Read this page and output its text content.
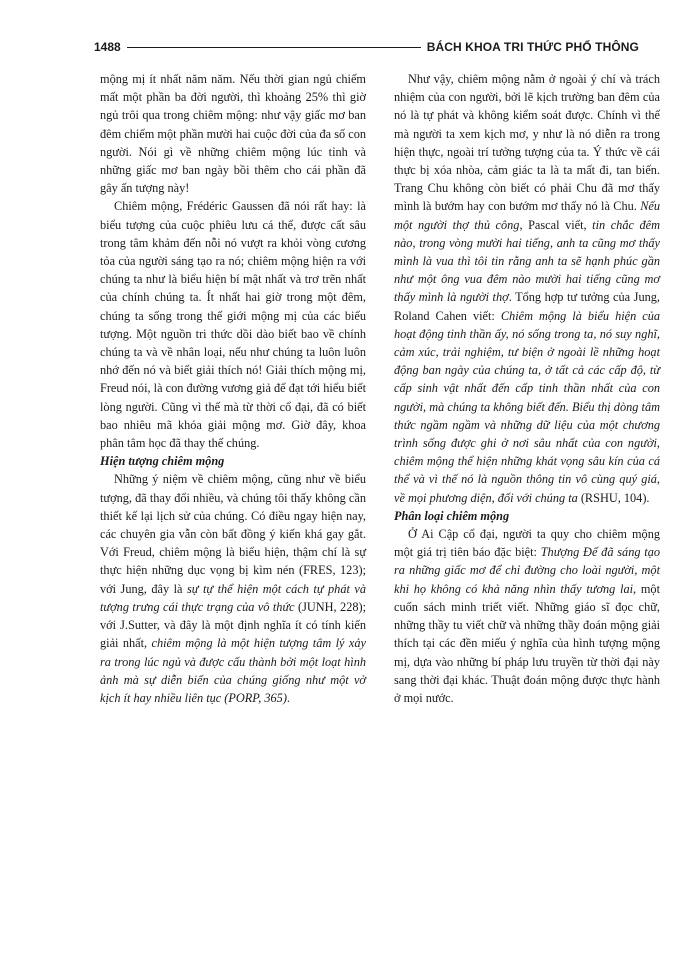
1488	BÁCH KHOA TRI THỨC PHỔ THÔNG

mộng mị ít nhất năm năm. Nếu thời gian ngủ chiếm mất một phần ba đời người, thì khoảng 25% thì giờ ngủ trôi qua trong chiêm mộng: như vậy giấc mơ ban đêm chiếm một phần mười hai cuộc đời của đa số con người. Nói gì về những chiêm mộng lúc tỉnh và những giấc mơ ban ngày bồi thêm cho cái phần đã gây ấn tượng này!

Chiêm mộng, Frédéric Gaussen đã nói rất hay: là biểu tượng của cuộc phiêu lưu cá thể, được cất sâu trong tâm khảm đến nỗi nó vượt ra khỏi vòng cương tỏa của người sáng tạo ra nó; chiêm mộng hiện ra với chúng ta như là biểu hiện bí mật nhất và trơ trẽn nhất của chính chúng ta. Ít nhất hai giờ trong một đêm, chúng ta sống trong thế giới mộng mị của các biểu tượng. Một nguồn tri thức dồi dào biết bao về chính chúng ta và về nhân loại, nếu như chúng ta luôn luôn nhớ đến nó và biết giải thích nó! Giải thích mộng mị, Freud nói, là con đường vương giả để đạt tới hiểu biết lòng người. Cũng vì thế mà từ thời cổ đại, đã có biết bao nhiêu mã khóa giải mộng mơ. Giờ đây, khoa phân tâm học đã thay thế chúng.

Hiện tượng chiêm mộng

Những ý niệm về chiêm mộng, cũng như về biểu tượng, đã thay đổi nhiều, và chúng tôi thấy không cần thiết kể lại lịch sử của chúng. Có điều ngay hiện nay, các chuyên gia vẫn còn bất đồng ý kiến khá gay gắt. Với Freud, chiêm mộng là biểu hiện, thậm chí là sự thực hiện những dục vọng bị kìm nén (FRES, 123); với Jung, đây là sự tự thể hiện một cách tự phát và tượng trưng cái thực trạng của vô thức (JUNH, 228); với J.Sutter, và đây là một định nghĩa ít có tính kiến giải nhất, chiêm mộng là một hiện tượng tâm lý xảy ra trong lúc ngủ và được cấu thành bởi một loạt hình ảnh mà sự diễn biến của chúng giống như một vở kịch ít hay nhiều liên tục (PORP, 365).

Như vậy, chiêm mộng nằm ở ngoài ý chí và trách nhiệm của con người, bởi lẽ kịch trường ban đêm của nó là tự phát và không kiểm soát được. Chính vì thế mà người ta xem kịch mơ, y như là nó diễn ra trong hiện thực, ngoài trí tưởng tượng của ta. Ý thức về cái thực bị xóa nhòa, cảm giác ta là ta mất đi, tan biến. Trang Chu không còn biết có phải Chu đã mơ thấy mình là bướm hay con bướm mơ thấy nó là Chu. Nếu một người thợ thủ công, Pascal viết, tin chắc đêm nào, trong vòng mười hai tiếng, anh ta cũng mơ thấy mình là vua thì tôi tin rằng anh ta sẽ hạnh phúc gần như một ông vua đêm nào mười hai tiếng cũng mơ thấy mình là người thợ. Tổng hợp tư tưởng của Jung, Roland Cahen viết: Chiêm mộng là biểu hiện của hoạt động tinh thần ấy, nó sống trong ta, nó suy nghĩ, cảm xúc, trải nghiệm, tư biện ở ngoài lề những hoạt động ban ngày của chúng ta, ở tất cả các cấp độ, từ cấp sinh vật nhất đến cấp tinh thần nhất của con người, mà chúng ta không biết đến. Biểu thị dòng tâm thức ngầm ngầm và những dữ liệu của một chương trình sống được ghi ở nơi sâu nhất của con người, chiêm mộng thể hiện những khát vọng sâu kín của cá thể và vì thế nó là nguồn thông tin vô cùng quý giá, về mọi phương diện, đối với chúng ta (RSHU, 104).

Phân loại chiêm mộng

Ở Ai Cập cổ đại, người ta quy cho chiêm mộng một giá trị tiên báo đặc biệt: Thượng Đế đã sáng tạo ra những giấc mơ để chỉ đường cho loài người, một khi họ không có khả năng nhìn thấy tương lai, một cuốn sách minh triết viết. Những giáo sĩ đọc chữ, những thầy tu viết chữ và những thầy đoán mộng giải thích tại các đền miếu ý nghĩa của hình tượng mộng mị, dựa vào những bí pháp lưu truyền từ thời đại này sang thời đại khác. Thuật đoán mộng được thực hành ở mọi nước.
